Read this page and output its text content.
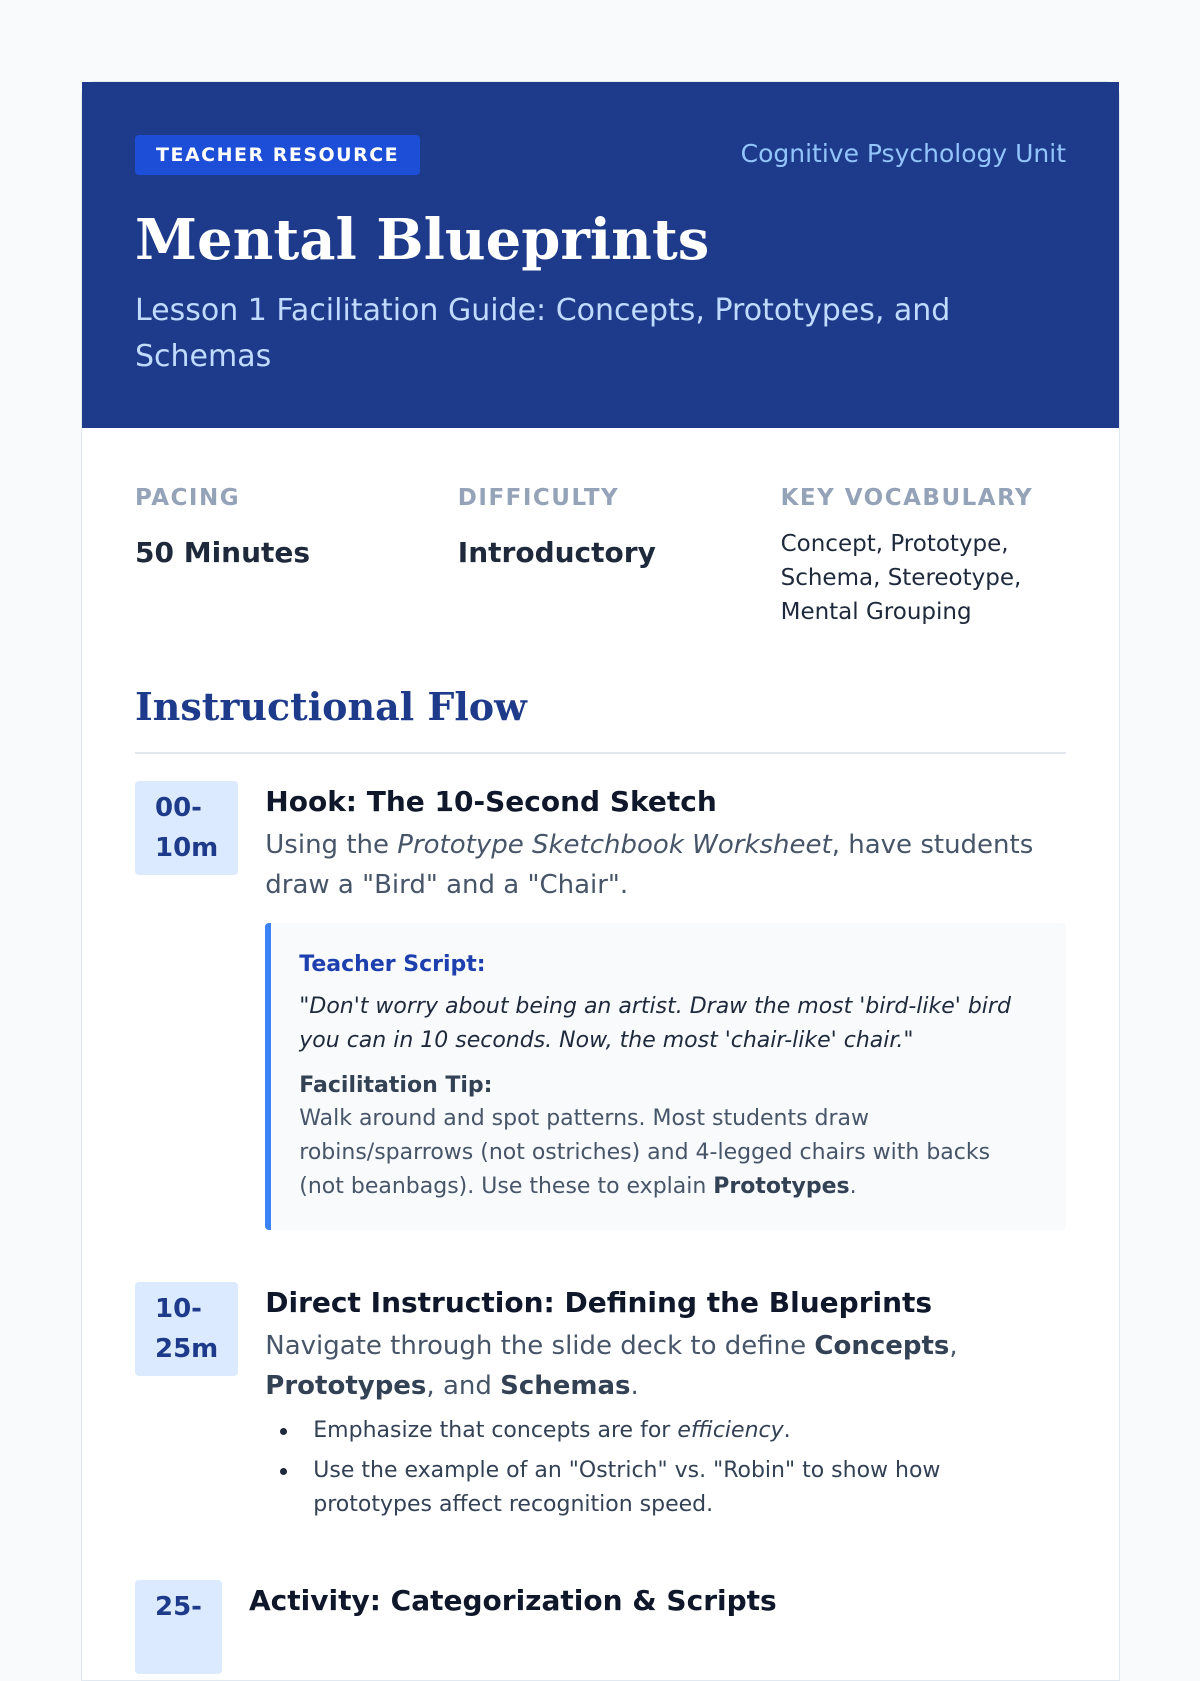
TEACHER RESOURCE	Cognitive Psychology Unit
Mental Blueprints
Lesson 1 Facilitation Guide: Concepts, Prototypes, and Schemas
PACING
50 Minutes
DIFFICULTY
Introductory
KEY VOCABULARY
Concept, Prototype, Schema, Stereotype, Mental Grouping
Instructional Flow
00-
10m
Hook: The 10-Second Sketch

Using the Prototype Sketchbook Worksheet, have students draw a "Bird" and a "Chair".

Teacher Script:
"Don't worry about being an artist. Draw the most 'bird-like' bird you can in 10 seconds. Now, the most 'chair-like' chair."
Facilitation Tip:
Walk around and spot patterns. Most students draw robins/sparrows (not ostriches) and 4-legged chairs with backs (not beanbags). Use these to explain Prototypes.
10-
25m
Direct Instruction: Defining the Blueprints

Navigate through the slide deck to define Concepts, Prototypes, and Schemas.

Emphasize that concepts are for efficiency.
Use the example of an "Ostrich" vs. "Robin" to show how prototypes affect recognition speed.
25- Activity: Categorization & Scripts
